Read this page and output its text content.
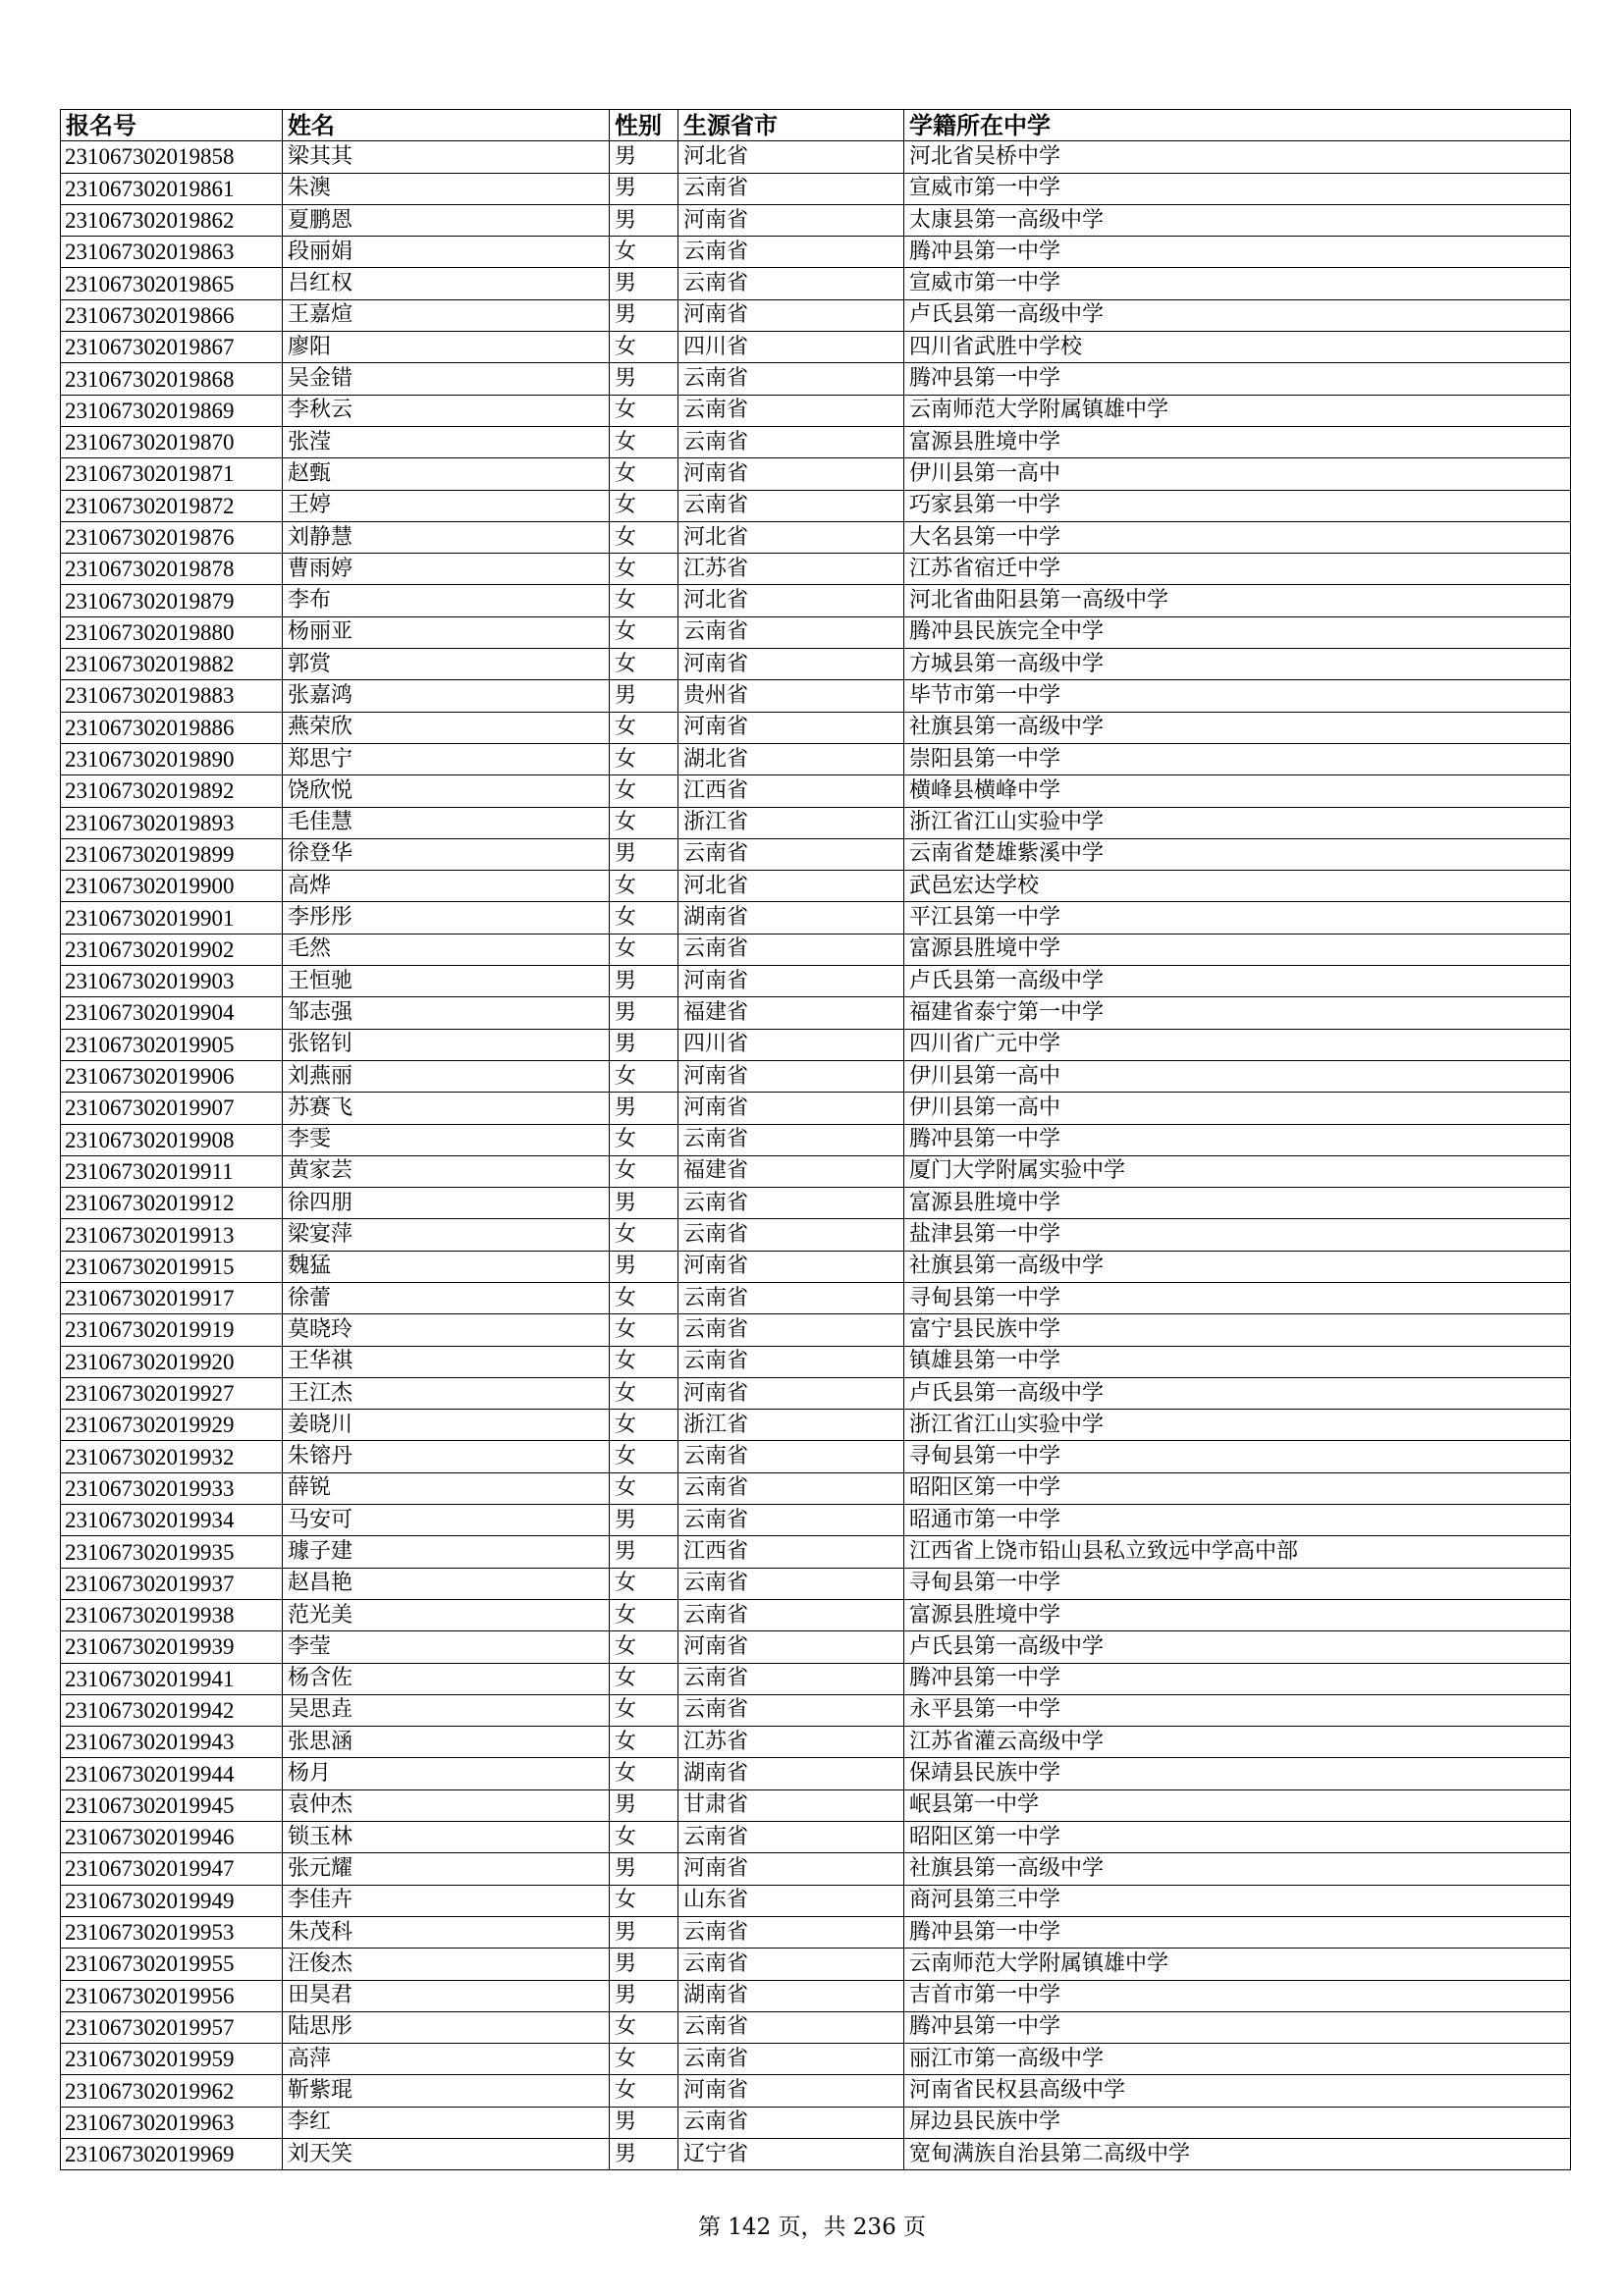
报名号	姓名	性别	生源省市	学籍所在中学
231067302019858	梁其其	男	河北省	河北省吴桥中学
231067302019861	朱澳	男	云南省	宣威市第一中学
231067302019862	夏鹏恩	男	河南省	太康县第一高级中学
231067302019863	段丽娟	女	云南省	腾冲县第一中学
231067302019865	吕红权	男	云南省	宣威市第一中学
231067302019866	王嘉煊	男	河南省	卢氏县第一高级中学
231067302019867	廖阳	女	四川省	四川省武胜中学校
231067302019868	吴金错	男	云南省	腾冲县第一中学
231067302019869	李秋云	女	云南省	云南师范大学附属镇雄中学
231067302019870	张滢	女	云南省	富源县胜境中学
231067302019871	赵甄	女	河南省	伊川县第一高中
231067302019872	王婷	女	云南省	巧家县第一中学
231067302019876	刘静慧	女	河北省	大名县第一中学
231067302019878	曹雨婷	女	江苏省	江苏省宿迁中学
231067302019879	李布	女	河北省	河北省曲阳县第一高级中学
231067302019880	杨丽亚	女	云南省	腾冲县民族完全中学
231067302019882	郭赏	女	河南省	方城县第一高级中学
231067302019883	张嘉鸿	男	贵州省	毕节市第一中学
231067302019886	燕荣欣	女	河南省	社旗县第一高级中学
231067302019890	郑思宁	女	湖北省	崇阳县第一中学
231067302019892	饶欣悦	女	江西省	横峰县横峰中学
231067302019893	毛佳慧	女	浙江省	浙江省江山实验中学
231067302019899	徐登华	男	云南省	云南省楚雄紫溪中学
231067302019900	高烨	女	河北省	武邑宏达学校
231067302019901	李彤彤	女	湖南省	平江县第一中学
231067302019902	毛然	女	云南省	富源县胜境中学
231067302019903	王恒驰	男	河南省	卢氏县第一高级中学
231067302019904	邹志强	男	福建省	福建省泰宁第一中学
231067302019905	张铭钊	男	四川省	四川省广元中学
231067302019906	刘燕丽	女	河南省	伊川县第一高中
231067302019907	苏赛飞	男	河南省	伊川县第一高中
231067302019908	李雯	女	云南省	腾冲县第一中学
231067302019911	黄家芸	女	福建省	厦门大学附属实验中学
231067302019912	徐四朋	男	云南省	富源县胜境中学
231067302019913	梁宴萍	女	云南省	盐津县第一中学
231067302019915	魏猛	男	河南省	社旗县第一高级中学
231067302019917	徐蕾	女	云南省	寻甸县第一中学
231067302019919	莫晓玲	女	云南省	富宁县民族中学
231067302019920	王华祺	女	云南省	镇雄县第一中学
231067302019927	王江杰	女	河南省	卢氏县第一高级中学
231067302019929	姜晓川	女	浙江省	浙江省江山实验中学
231067302019932	朱镕丹	女	云南省	寻甸县第一中学
231067302019933	薛锐	女	云南省	昭阳区第一中学
231067302019934	马安可	男	云南省	昭通市第一中学
231067302019935	璩子建	男	江西省	江西省上饶市铅山县私立致远中学高中部
231067302019937	赵昌艳	女	云南省	寻甸县第一中学
231067302019938	范光美	女	云南省	富源县胜境中学
231067302019939	李莹	女	河南省	卢氏县第一高级中学
231067302019941	杨含佐	女	云南省	腾冲县第一中学
231067302019942	吴思垚	女	云南省	永平县第一中学
231067302019943	张思涵	女	江苏省	江苏省灌云高级中学
231067302019944	杨月	女	湖南省	保靖县民族中学
231067302019945	袁仲杰	男	甘肃省	岷县第一中学
231067302019946	锁玉林	女	云南省	昭阳区第一中学
231067302019947	张元耀	男	河南省	社旗县第一高级中学
231067302019949	李佳卉	女	山东省	商河县第三中学
231067302019953	朱茂科	男	云南省	腾冲县第一中学
231067302019955	汪俊杰	男	云南省	云南师范大学附属镇雄中学
231067302019956	田昊君	男	湖南省	吉首市第一中学
231067302019957	陆思彤	女	云南省	腾冲县第一中学
231067302019959	高萍	女	云南省	丽江市第一高级中学
231067302019962	靳紫琨	女	河南省	河南省民权县高级中学
231067302019963	李红	男	云南省	屏边县民族中学
231067302019969	刘天笑	男	辽宁省	宽甸满族自治县第二高级中学
第 142 页，共 236 页
